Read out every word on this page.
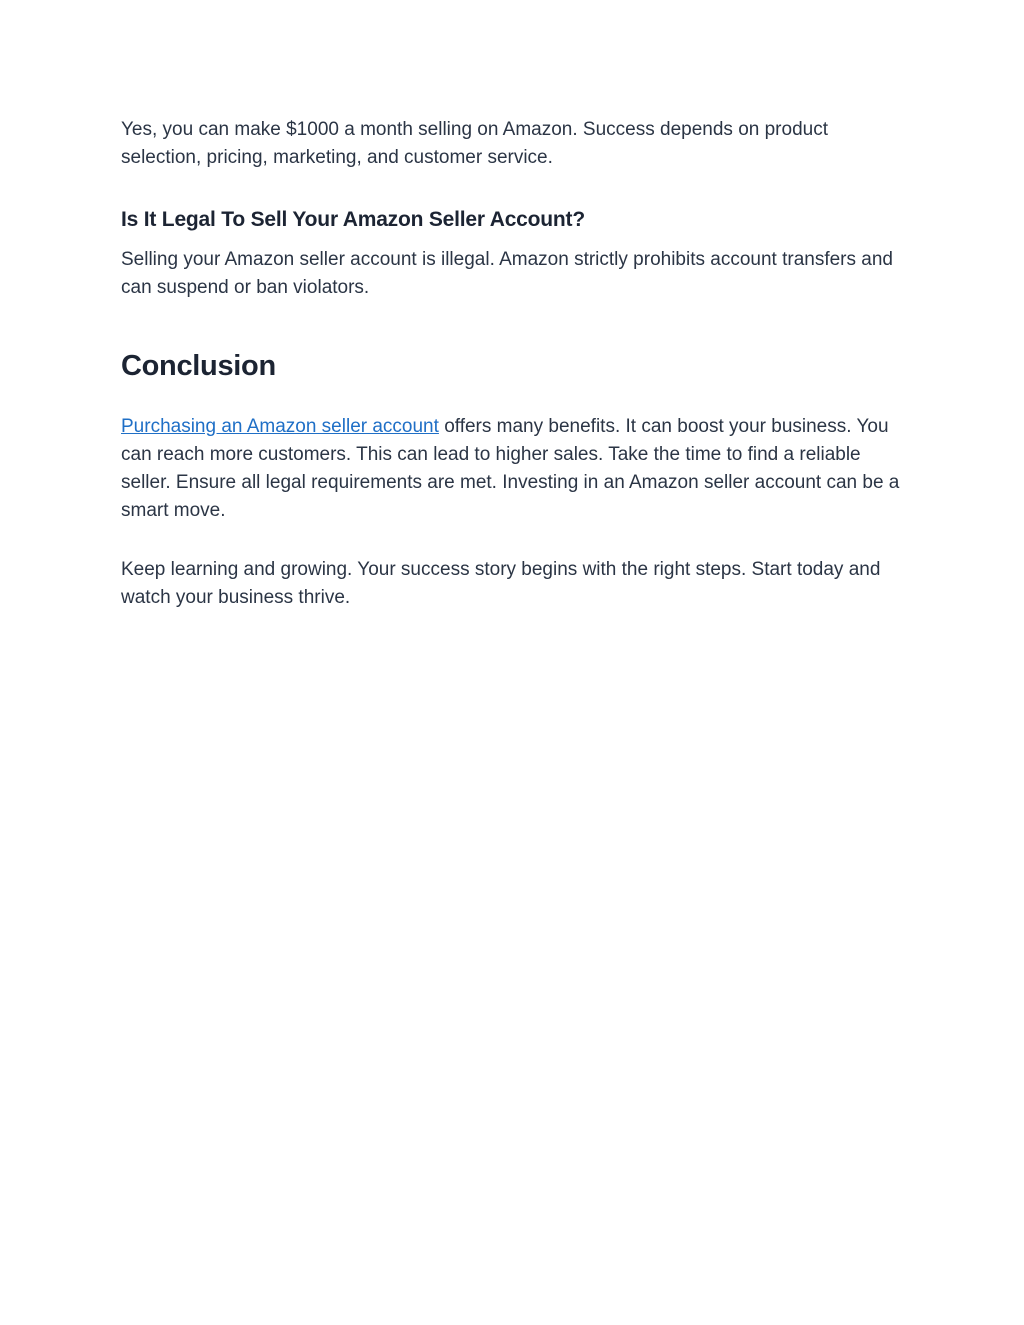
Yes, you can make $1000 a month selling on Amazon. Success depends on product selection, pricing, marketing, and customer service.

Is It Legal To Sell Your Amazon Seller Account?

Selling your Amazon seller account is illegal. Amazon strictly prohibits account transfers and can suspend or ban violators.

Conclusion

Purchasing an Amazon seller account offers many benefits. It can boost your business. You can reach more customers. This can lead to higher sales. Take the time to find a reliable seller. Ensure all legal requirements are met. Investing in an Amazon seller account can be a smart move.

Keep learning and growing. Your success story begins with the right steps. Start today and watch your business thrive.
